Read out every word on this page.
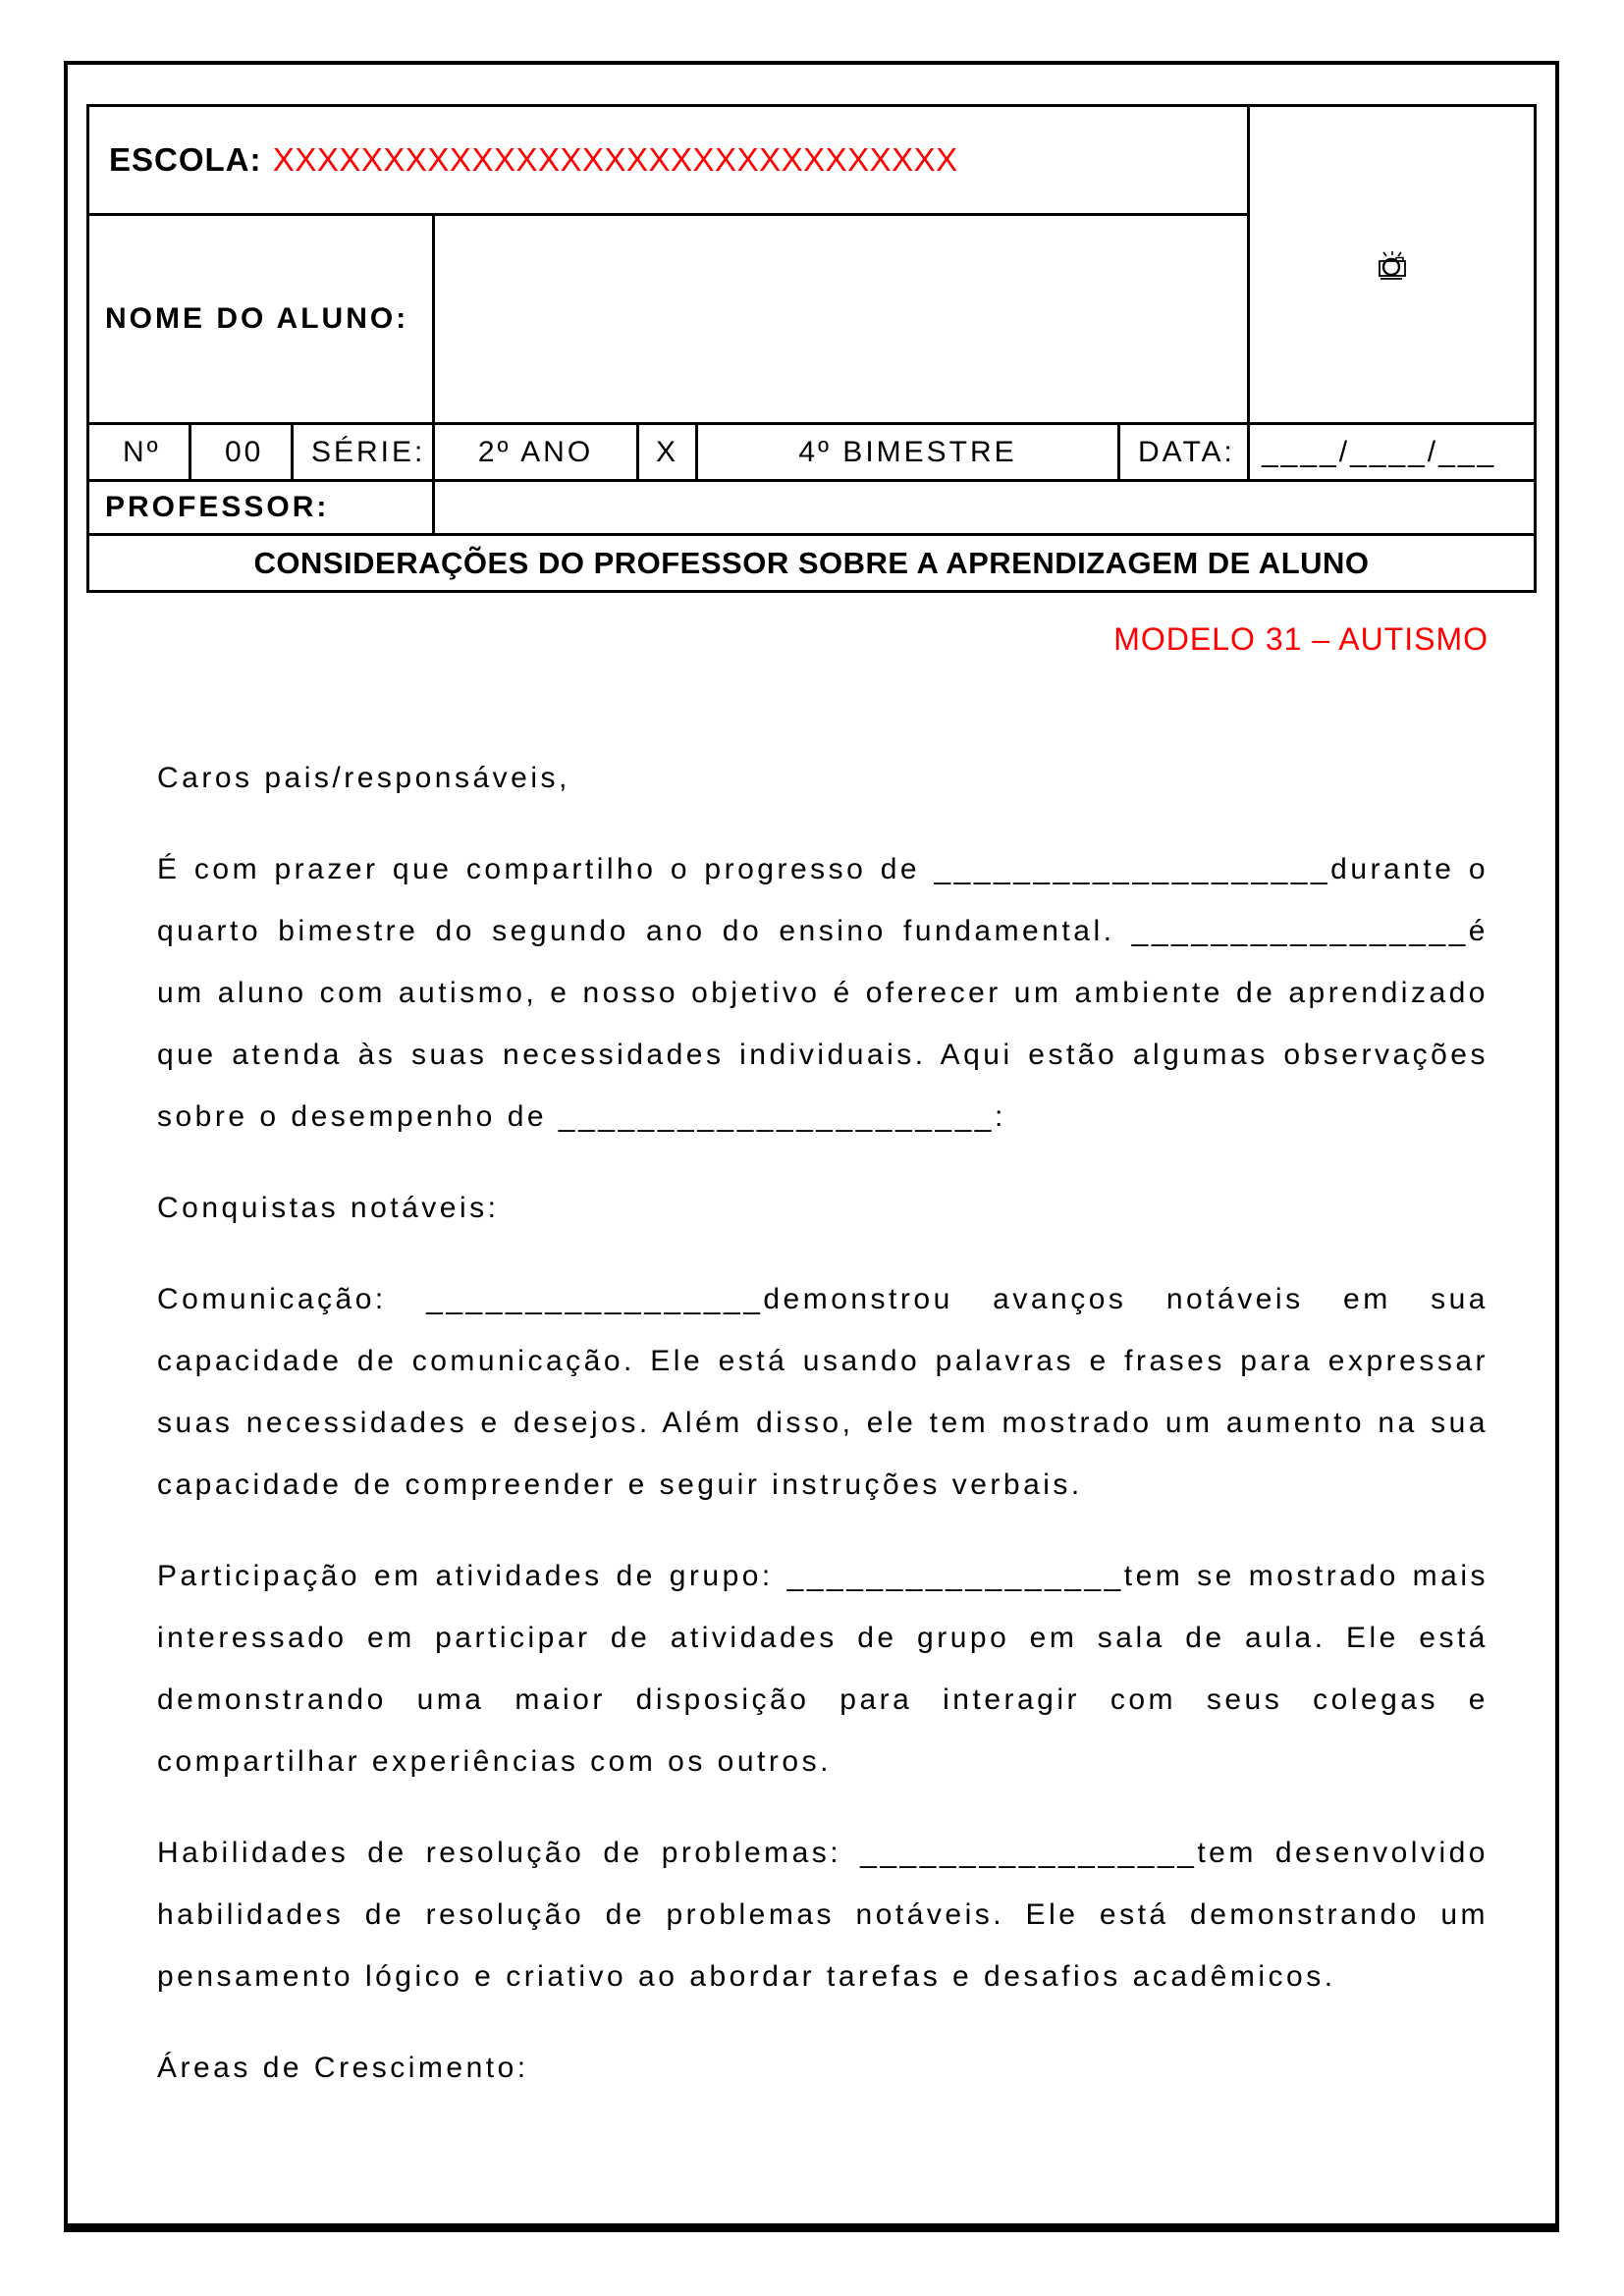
ESCOLA: XXXXXXXXXXXXXXXXXXXXXXXXXXXXXXX	
NOME DO ALUNO:							
Nº	00	SÉRIE:	2º ANO	X	4º BIMESTRE	DATA:	____/____/___
PROFESSOR:							
CONSIDERAÇÕES DO PROFESSOR SOBRE A APRENDIZAGEM DE ALUNO							
MODELO 31 – AUTISMO

Caros pais/responsáveis,

É com prazer que compartilho o progresso de ____________________durante o quarto bimestre do segundo ano do ensino fundamental. _________________é um aluno com autismo, e nosso objetivo é oferecer um ambiente de aprendizado que atenda às suas necessidades individuais. Aqui estão algumas observações sobre o desempenho de ______________________:

Conquistas notáveis:

Comunicação: _________________demonstrou avanços notáveis em sua capacidade de comunicação. Ele está usando palavras e frases para expressar suas necessidades e desejos. Além disso, ele tem mostrado um aumento na sua capacidade de compreender e seguir instruções verbais.

Participação em atividades de grupo: _________________tem se mostrado mais interessado em participar de atividades de grupo em sala de aula. Ele está demonstrando uma maior disposição para interagir com seus colegas e compartilhar experiências com os outros.

Habilidades de resolução de problemas: _________________tem desenvolvido habilidades de resolução de problemas notáveis. Ele está demonstrando um pensamento lógico e criativo ao abordar tarefas e desafios acadêmicos.

Áreas de Crescimento:
